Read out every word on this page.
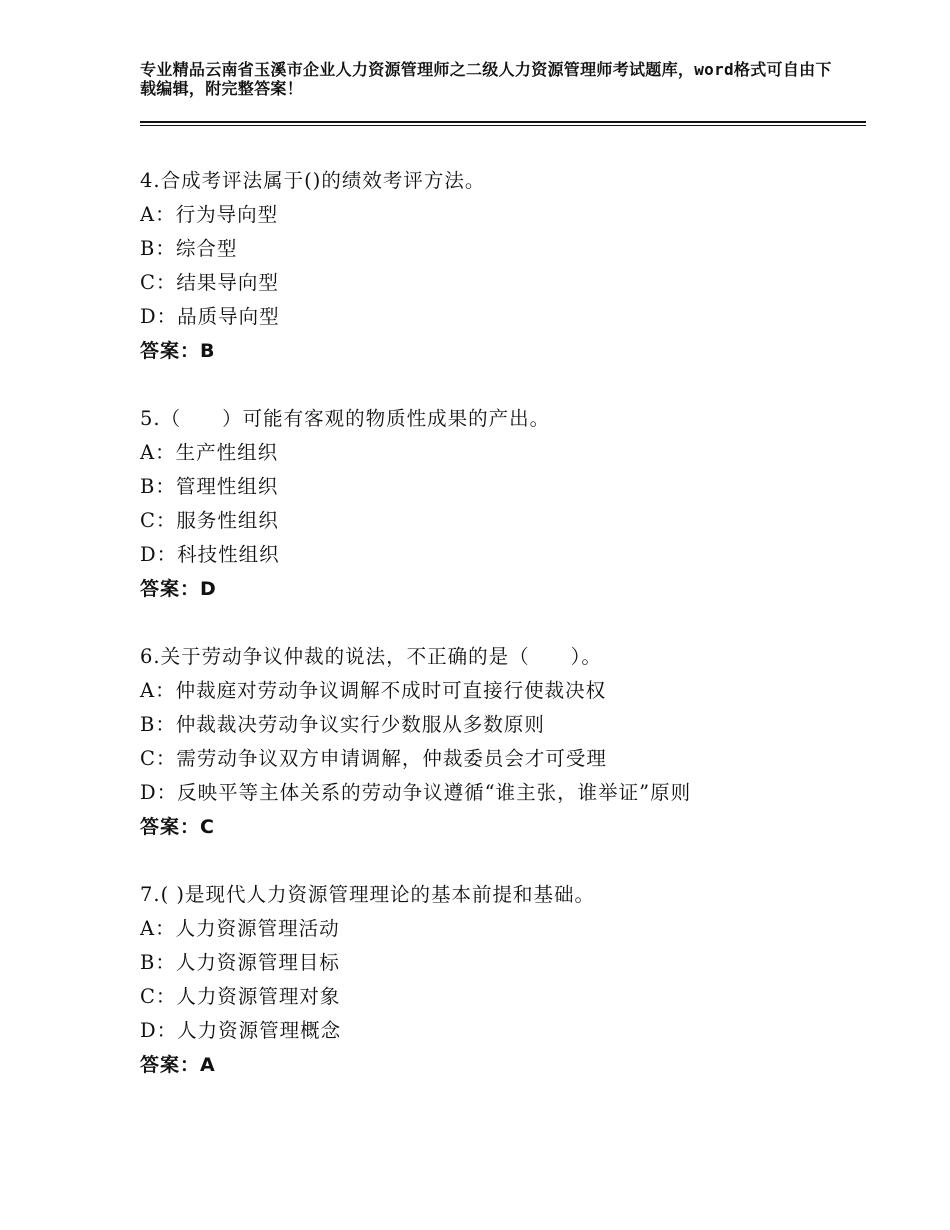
专业精品云南省玉溪市企业人力资源管理师之二级人力资源管理师考试题库，word格式可自由下载编辑，附完整答案！
4.合成考评法属于()的绩效考评方法。
A：行为导向型
B：综合型
C：结果导向型
D：品质导向型
答案：B
5.（　　）可能有客观的物质性成果的产出。
A：生产性组织
B：管理性组织
C：服务性组织
D：科技性组织
答案：D
6.关于劳动争议仲裁的说法，不正确的是（　　）。
A：仲裁庭对劳动争议调解不成时可直接行使裁决权
B：仲裁裁决劳动争议实行少数服从多数原则
C：需劳动争议双方申请调解，仲裁委员会才可受理
D：反映平等主体关系的劳动争议遵循“谁主张，谁举证”原则
答案：C
7.( )是现代人力资源管理理论的基本前提和基础。
A：人力资源管理活动
B：人力资源管理目标
C：人力资源管理对象
D：人力资源管理概念
答案：A
